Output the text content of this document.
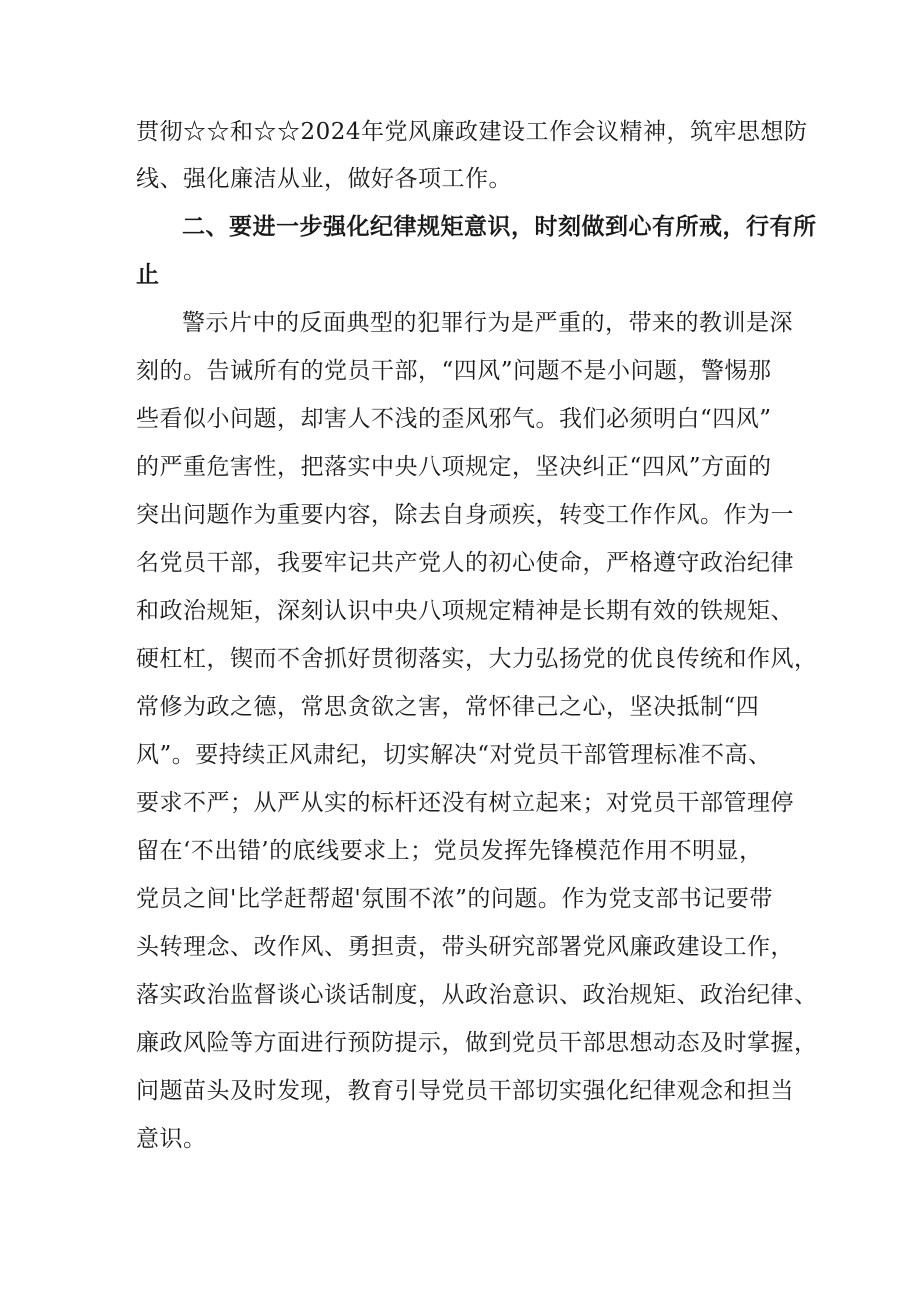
贯彻☆☆和☆☆2024年党风廉政建设工作会议精神，筑牢思想防
线、强化廉洁从业，做好各项工作。
二、要进一步强化纪律规矩意识，时刻做到心有所戒，行有所
止
警示片中的反面典型的犯罪行为是严重的，带来的教训是深
刻的。告诫所有的党员干部，“四风”问题不是小问题，警惕那
些看似小问题，却害人不浅的歪风邪气。我们必须明白“四风”
的严重危害性，把落实中央八项规定，坚决纠正“四风”方面的
突出问题作为重要内容，除去自身顽疾，转变工作作风。作为一
名党员干部，我要牢记共产党人的初心使命，严格遵守政治纪律
和政治规矩，深刻认识中央八项规定精神是长期有效的铁规矩、
硬杠杠，锲而不舍抓好贯彻落实，大力弘扬党的优良传统和作风，
常修为政之德，常思贪欲之害，常怀律己之心，坚决抵制“四
风”。要持续正风肃纪，切实解决“对党员干部管理标准不高、
要求不严；从严从实的标杆还没有树立起来；对党员干部管理停
留在‘不出错’的底线要求上；党员发挥先锋模范作用不明显，
党员之间'比学赶帮超'氛围不浓”的问题。作为党支部书记要带
头转理念、改作风、勇担责，带头研究部署党风廉政建设工作，
落实政治监督谈心谈话制度，从政治意识、政治规矩、政治纪律、
廉政风险等方面进行预防提示，做到党员干部思想动态及时掌握，
问题苗头及时发现，教育引导党员干部切实强化纪律观念和担当
意识。
